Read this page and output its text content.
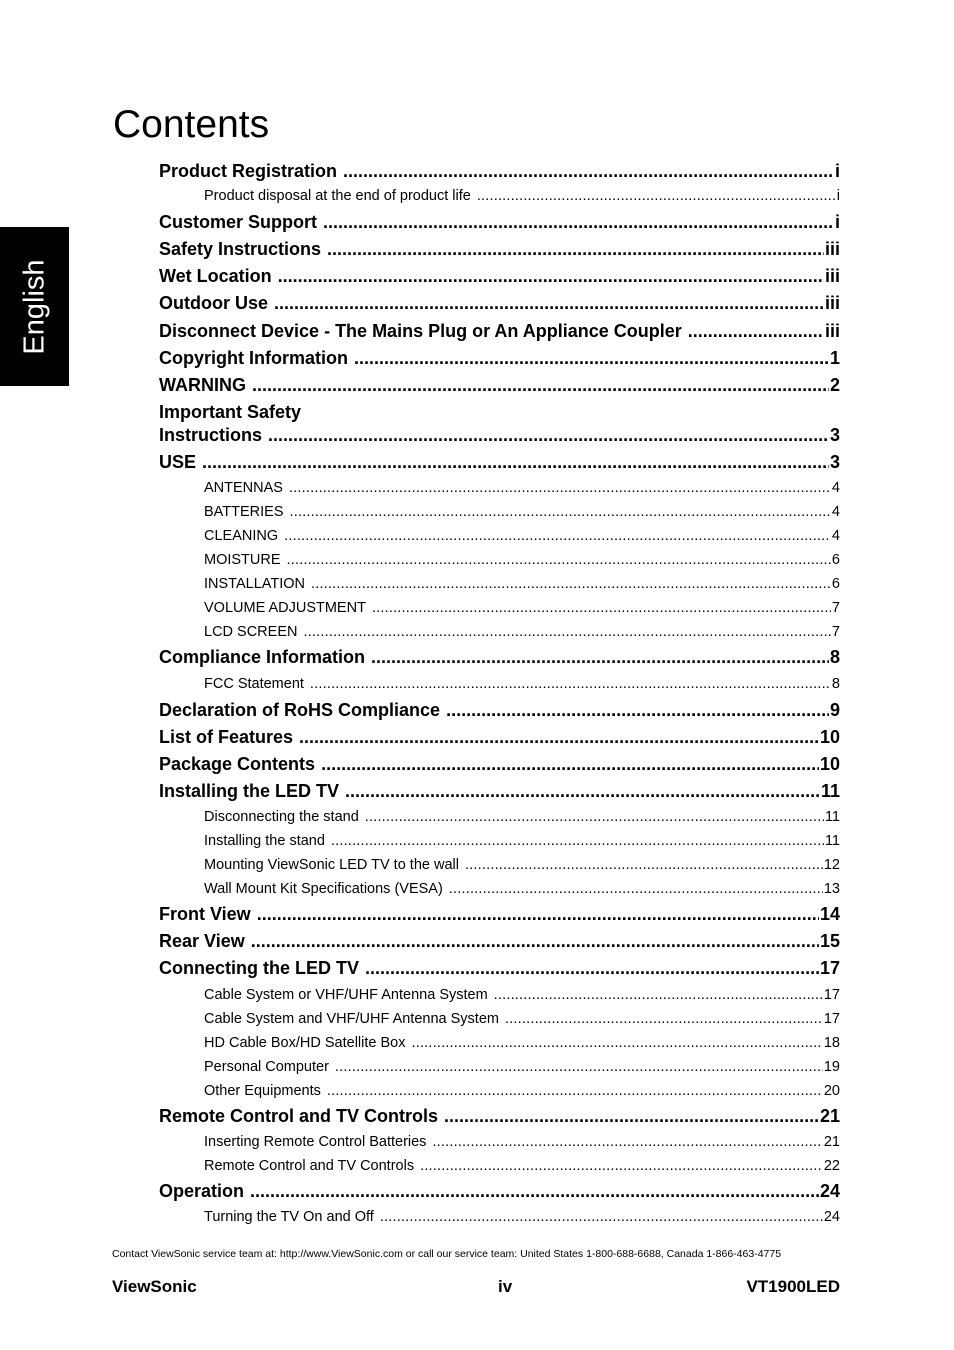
English
Contents
Product Registration .....	i
Product disposal at the end of product life .....	i
Customer Support .....	i
Safety Instructions .....	iii
Wet Location .....	iii
Outdoor Use .....	iii
Disconnect Device - The Mains Plug or An Appliance Coupler .....	iii
Copyright Information .....	1
WARNING .....	2
Important Safety
Instructions .....	3
USE .....	3
ANTENNAS .....	4
BATTERIES .....	4
CLEANING .....	4
MOISTURE .....	6
INSTALLATION .....	6
VOLUME ADJUSTMENT .....	7
LCD SCREEN .....	7
Compliance Information .....	8
FCC Statement .....	8
Declaration of RoHS Compliance .....	9
List of Features .....	10
Package Contents .....	10
Installing the LED TV .....	11
Disconnecting the stand .....	11
Installing the stand .....	11
Mounting ViewSonic LED TV to the wall .....	12
Wall Mount Kit Specifications (VESA) .....	13
Front View .....	14
Rear View .....	15
Connecting the LED TV .....	17
Cable System or VHF/UHF Antenna System .....	17
Cable System and VHF/UHF Antenna System .....	17
HD Cable Box/HD Satellite Box .....	18
Personal Computer .....	19
Other Equipments .....	20
Remote Control and TV Controls .....	21
Inserting Remote Control Batteries .....	21
Remote Control and TV Controls .....	22
Operation .....	24
Turning the TV On and Off .....	24
Contact ViewSonic service team at: http://www.ViewSonic.com or call our service team: United States 1-800-688-6688, Canada 1-866-463-4775
ViewSonic	iv	VT1900LED
